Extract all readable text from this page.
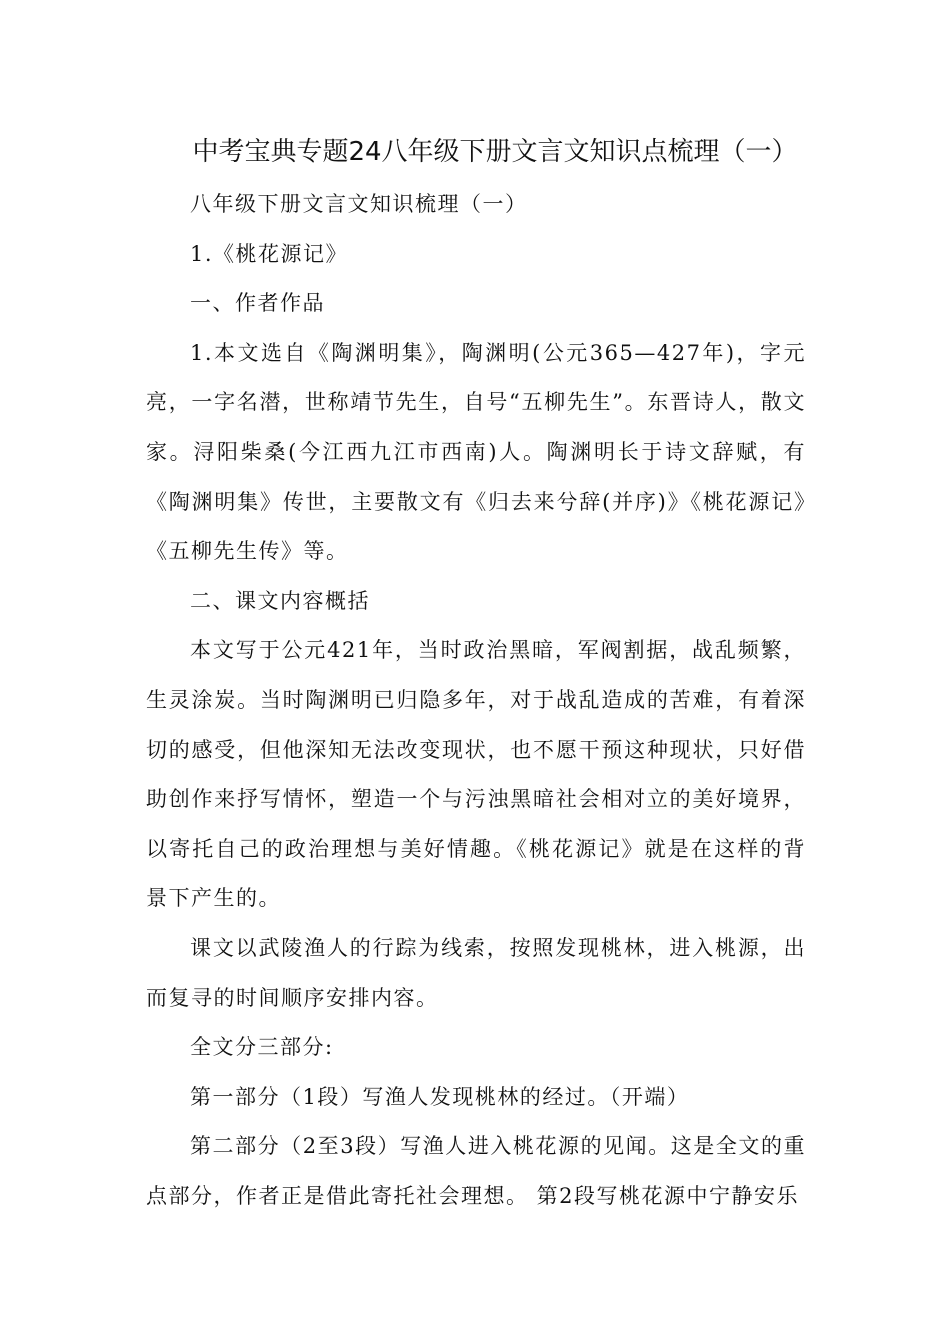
中考宝典专题24八年级下册文言文知识点梳理（一）

八年级下册文言文知识梳理（一）

1.《桃花源记》

一、作者作品

1.本文选自《陶渊明集》，陶渊明(公元365—427年)，字元亮，一字名潜，世称靖节先生，自号“五柳先生”。东晋诗人，散文家。浔阳柴桑(今江西九江市西南)人。陶渊明长于诗文辞赋，有《陶渊明集》传世，主要散文有《归去来兮辞(并序)》《桃花源记》《五柳先生传》等。

二、课文内容概括

本文写于公元421年，当时政治黑暗，军阀割据，战乱频繁，生灵涂炭。当时陶渊明已归隐多年，对于战乱造成的苦难，有着深切的感受，但他深知无法改变现状，也不愿干预这种现状，只好借助创作来抒写情怀，塑造一个与污浊黑暗社会相对立的美好境界，以寄托自己的政治理想与美好情趣。《桃花源记》就是在这样的背景下产生的。

课文以武陵渔人的行踪为线索，按照发现桃林，进入桃源，出而复寻的时间顺序安排内容。

全文分三部分:

第一部分（1段）写渔人发现桃林的经过。（开端）

第二部分（2至3段）写渔人进入桃花源的见闻。这是全文的重点部分，作者正是借此寄托社会理想。 第2段写桃花源中宁静安乐
